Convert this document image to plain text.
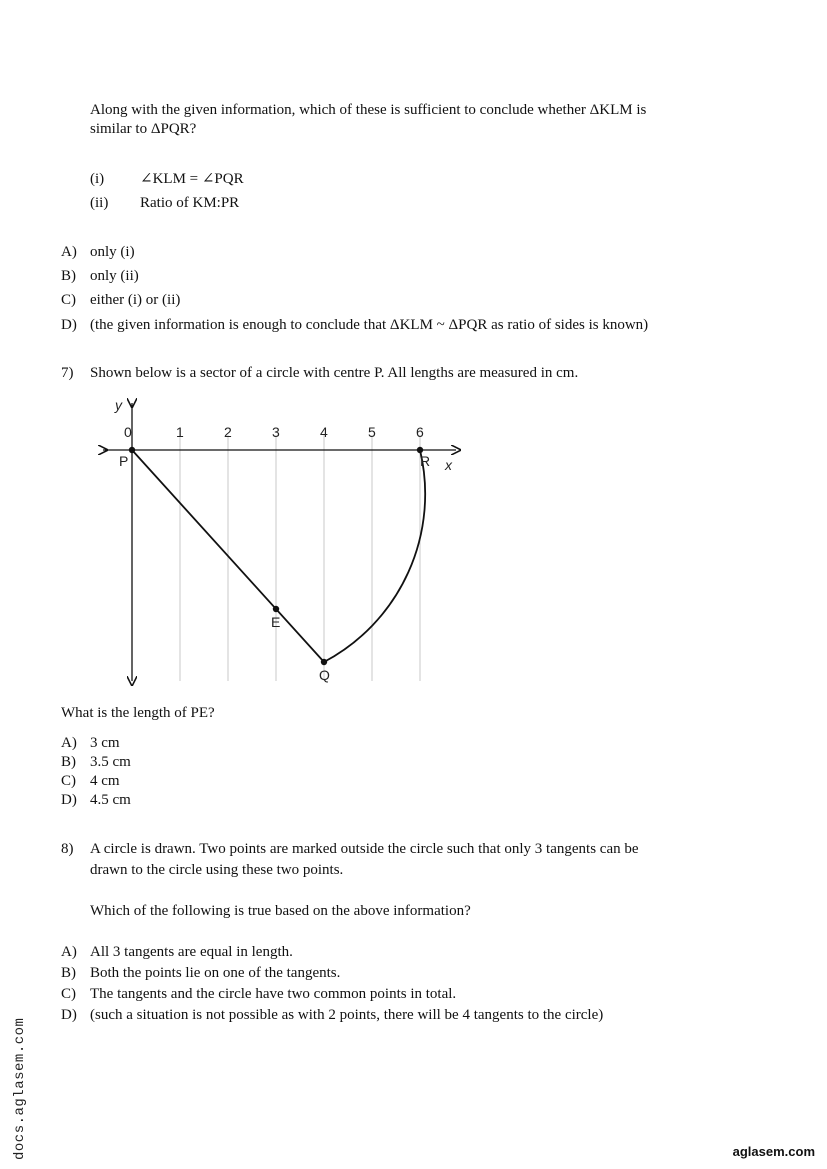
Along with the given information, which of these is sufficient to conclude whether ΔKLM is
similar to ΔPQR?
(i) ∠KLM = ∠PQR
(ii) Ratio of KM:PR
A) only (i)
B) only (ii)
C) either (i) or (ii)
D) (the given information is enough to conclude that ΔKLM ~ ΔPQR as ratio of sides is known)
7)	Shown below is a sector of a circle with centre P. All lengths are measured in cm.
0	1	2	3	4	5	6
y
x
P	R
E
Q
What is the length of PE?
A) 3 cm
B) 3.5 cm
C) 4 cm
D) 4.5 cm
8)	A circle is drawn. Two points are marked outside the circle such that only 3 tangents can be
drawn to the circle using these two points.
Which of the following is true based on the above information?
A) All 3 tangents are equal in length.
B) Both the points lie on one of the tangents.
C) The tangents and the circle have two common points in total.
D) (such a situation is not possible as with 2 points, there will be 4 tangents to the circle)
docs.aglasem.com	aglasem.com
